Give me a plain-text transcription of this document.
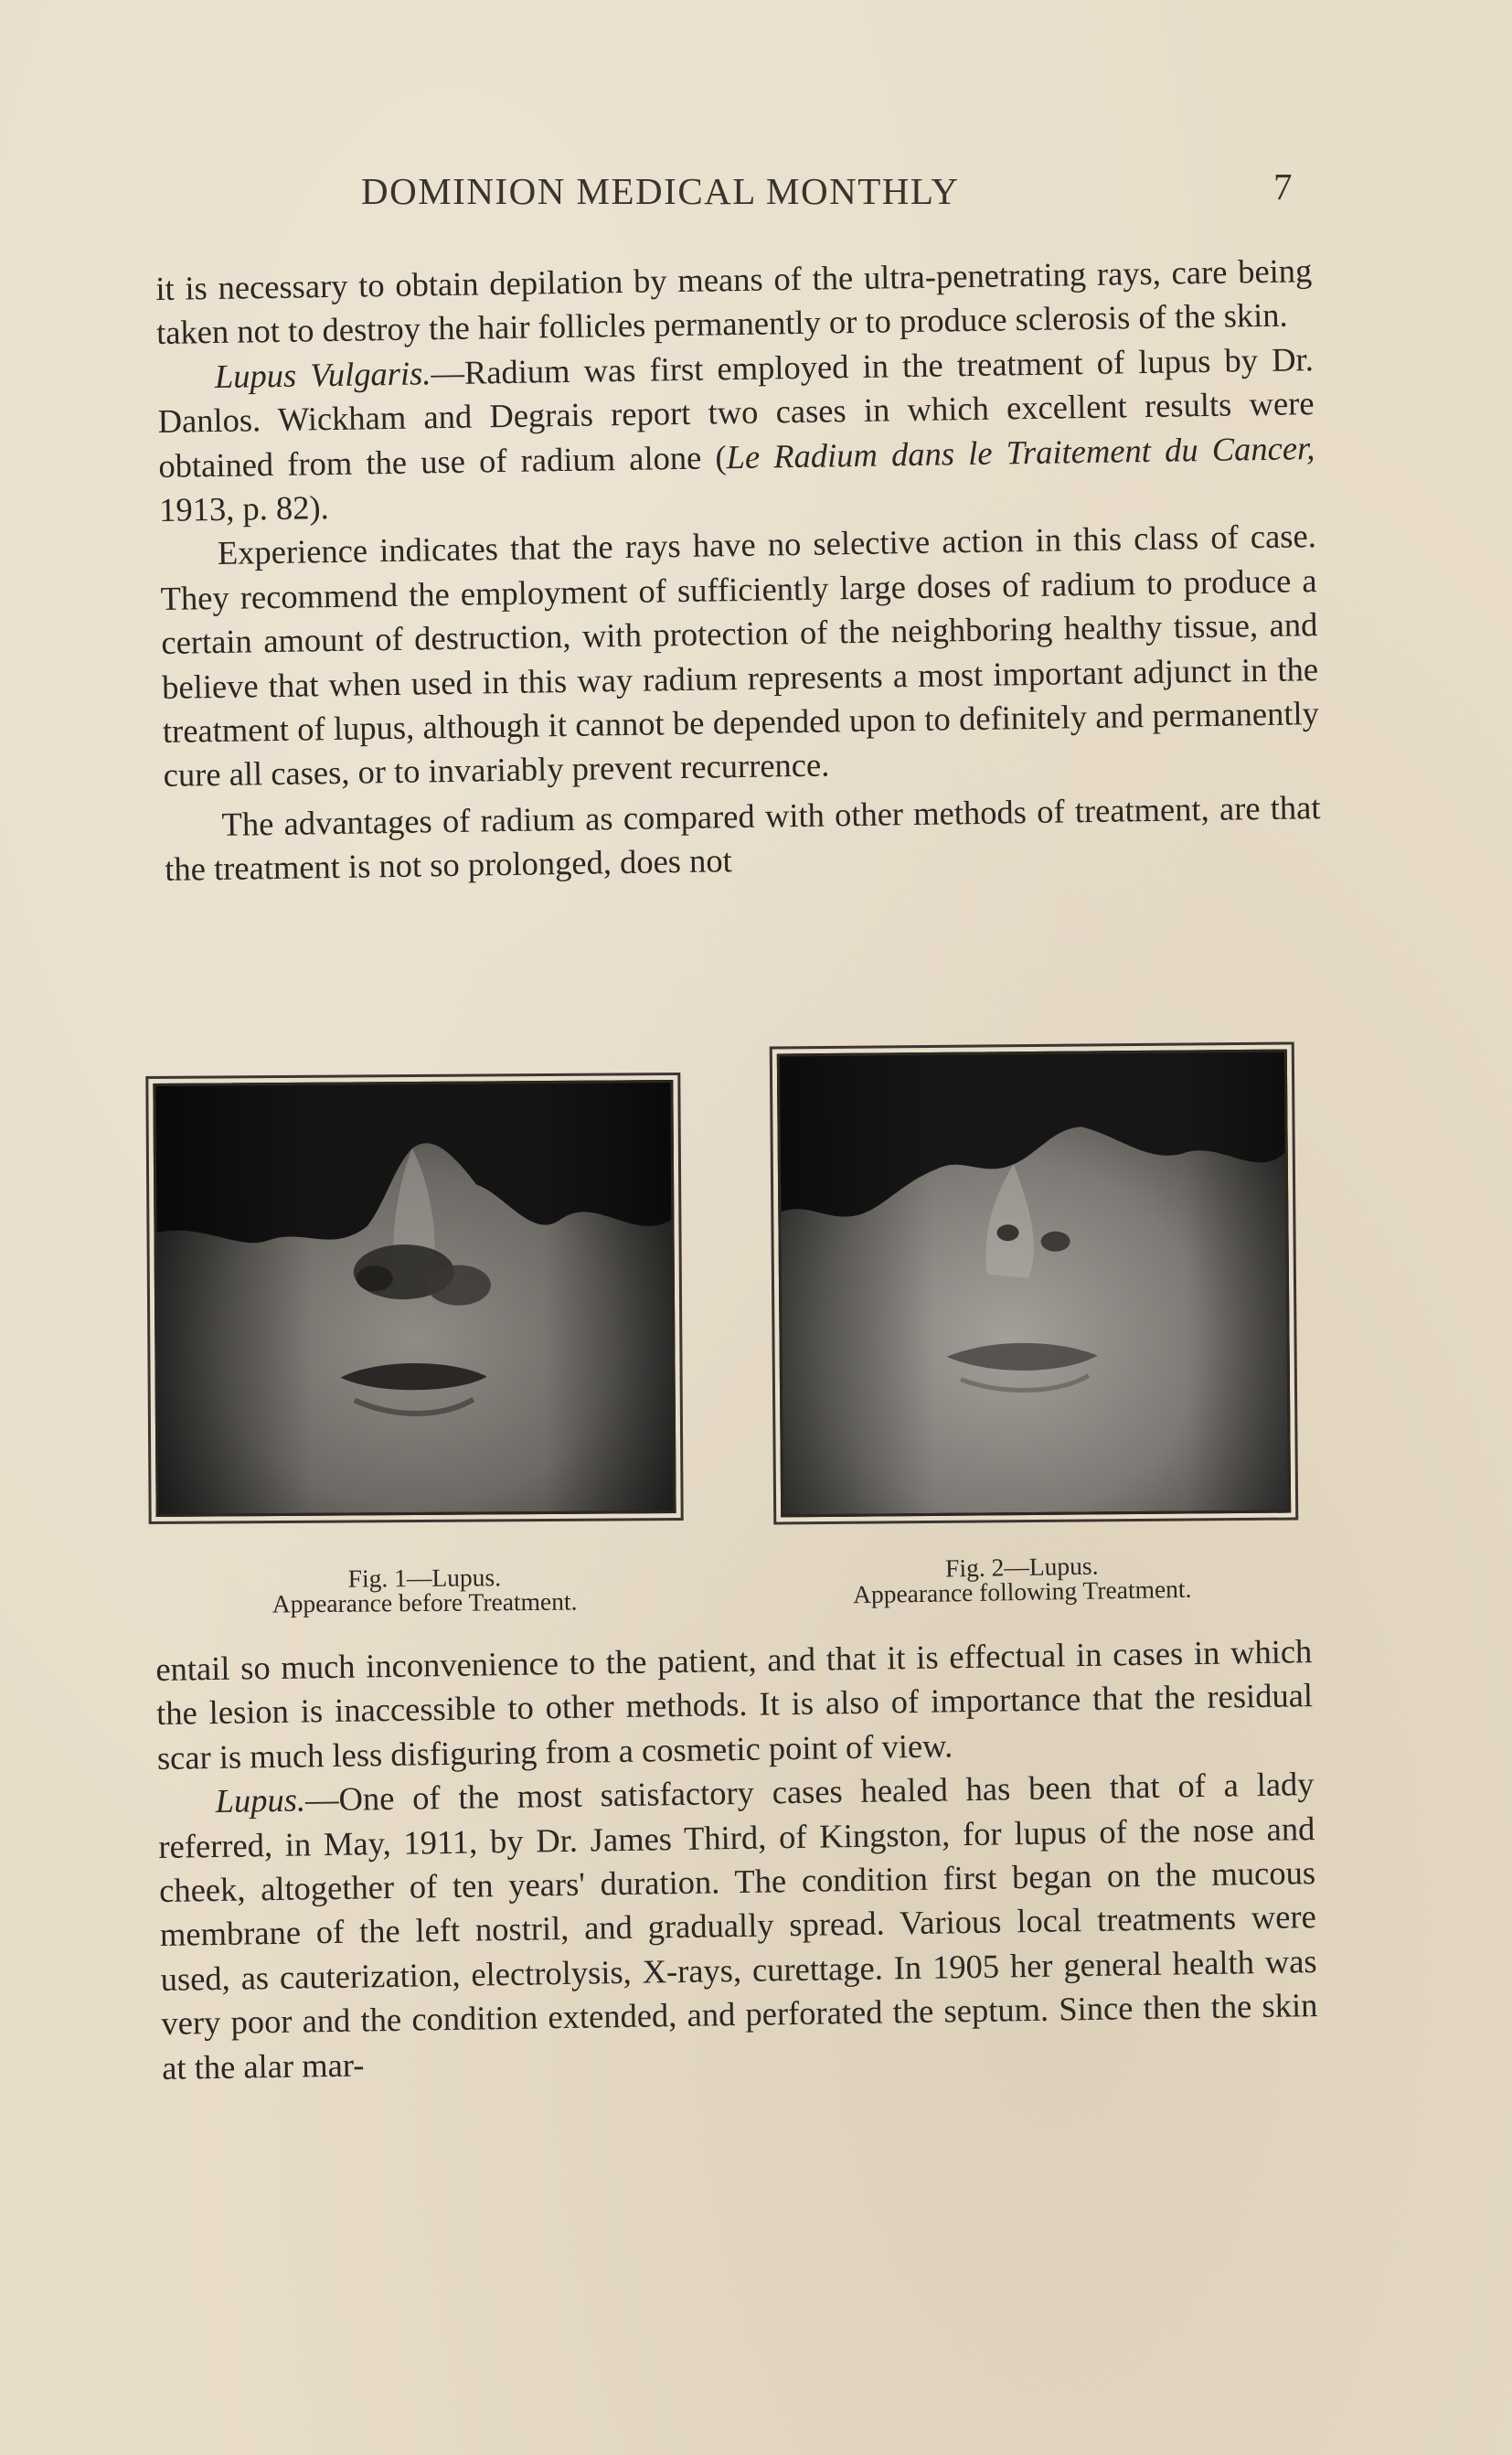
DOMINION MEDICAL MONTHLY	7

it is necessary to obtain depilation by means of the ultra-penetrating rays, care being taken not to destroy the hair follicles permanently or to produce sclerosis of the skin.

Lupus Vulgaris.—Radium was first employed in the treatment of lupus by Dr. Danlos. Wickham and Degrais report two cases in which excellent results were obtained from the use of radium alone (Le Radium dans le Traitement du Cancer, 1913, p. 82).

Experience indicates that the rays have no selective action in this class of case. They recommend the employment of sufficiently large doses of radium to produce a certain amount of destruction, with protection of the neighboring healthy tissue, and believe that when used in this way radium represents a most important adjunct in the treatment of lupus, although it cannot be depended upon to definitely and permanently cure all cases, or to invariably prevent recurrence.

The advantages of radium as compared with other methods of treatment, are that the treatment is not so prolonged, does not

Fig. 1—Lupus.
Appearance before Treatment.
Fig. 2—Lupus.
Appearance following Treatment.

entail so much inconvenience to the patient, and that it is effectual in cases in which the lesion is inaccessible to other methods. It is also of importance that the residual scar is much less disfiguring from a cosmetic point of view.

Lupus.—One of the most satisfactory cases healed has been that of a lady referred, in May, 1911, by Dr. James Third, of Kingston, for lupus of the nose and cheek, altogether of ten years' duration. The condition first began on the mucous membrane of the left nostril, and gradually spread. Various local treatments were used, as cauterization, electrolysis, X-rays, curettage. In 1905 her general health was very poor and the condition extended, and perforated the septum. Since then the skin at the alar mar-
